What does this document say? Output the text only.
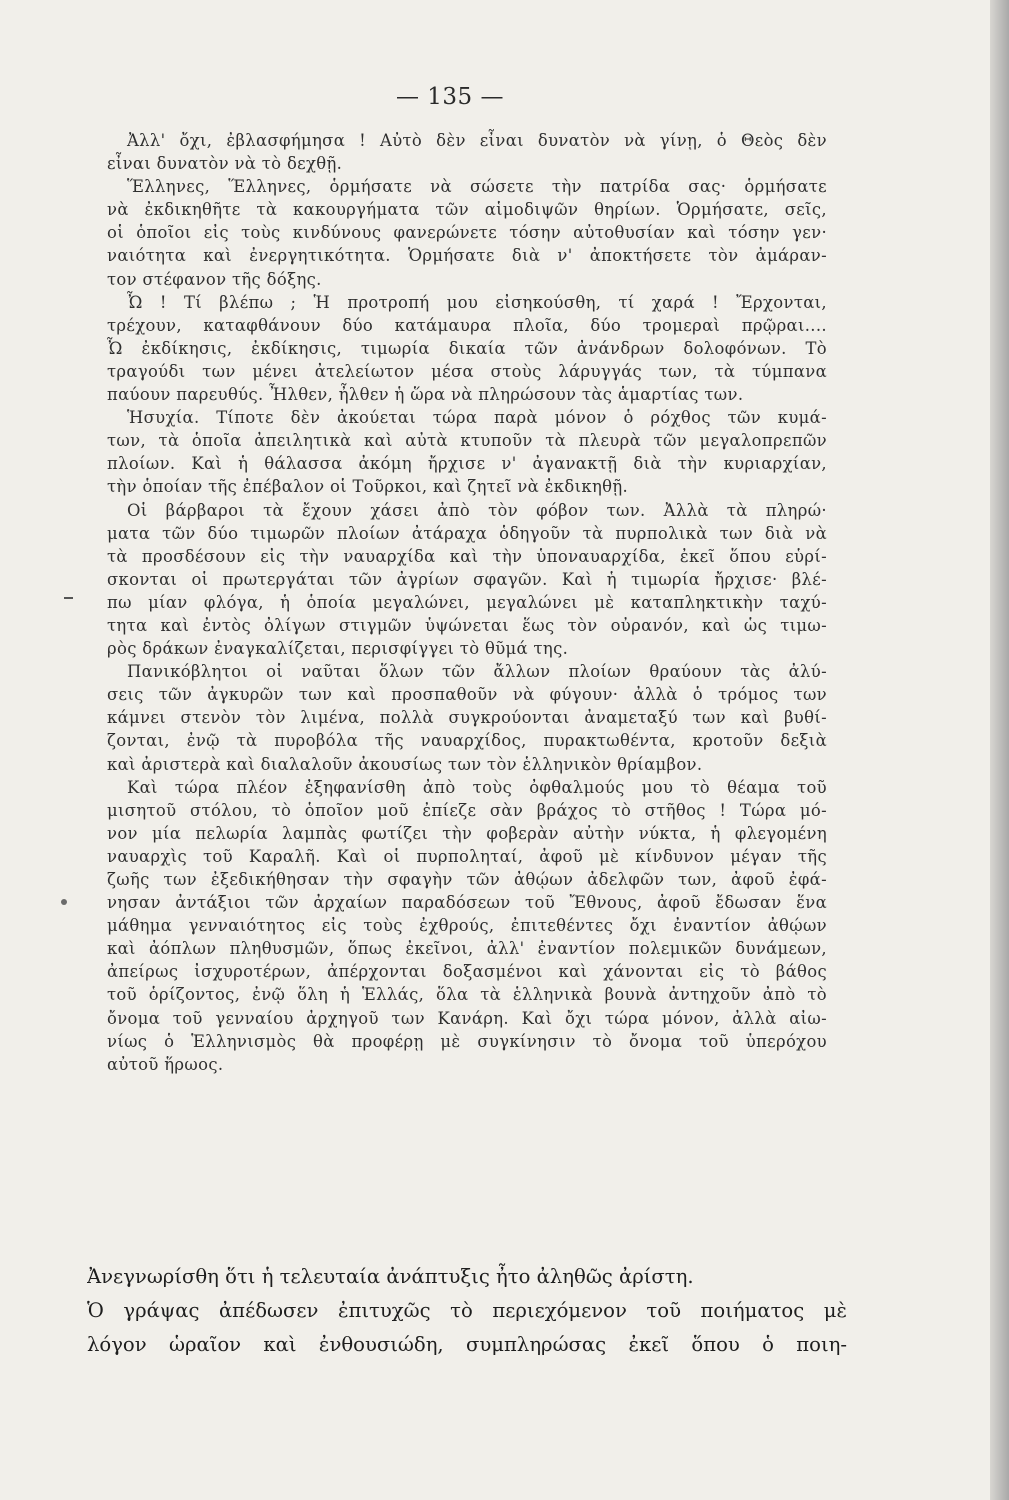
— 135 —
Ἀλλ' ὄχι, ἐβλασφήμησα ! Αὐτὸ δὲν εἶναι δυνατὸν νὰ γίνῃ, ὁ Θεὸς δὲν
εἶναι δυνατὸν νὰ τὸ δεχθῇ.
Ἕλληνες, Ἕλληνες, ὁρμήσατε νὰ σώσετε τὴν πατρίδα σας· ὁρμήσατε
νὰ ἐκδικηθῆτε τὰ κακουργήματα τῶν αἱμοδιψῶν θηρίων. Ὁρμήσατε, σεῖς,
οἱ ὁποῖοι εἰς τοὺς κινδύνους φανερώνετε τόσην αὐτοθυσίαν καὶ τόσην γεν·
ναιότητα καὶ ἐνεργητικότητα. Ὁρμήσατε διὰ ν' ἀποκτήσετε τὸν ἀμάραν-
τον στέφανον τῆς δόξης.
Ὦ ! Τί βλέπω ; Ἡ προτροπή μου εἰσηκούσθη, τί χαρά ! Ἔρχονται,
τρέχουν, καταφθάνουν δύο κατάμαυρα πλοῖα, δύο τρομεραὶ πρῷραι....
Ὦ ἐκδίκησις, ἐκδίκησις, τιμωρία δικαία τῶν ἀνάνδρων δολοφόνων. Τὸ
τραγούδι των μένει ἀτελείωτον μέσα στοὺς λάρυγγάς των, τὰ τύμπανα
παύουν παρευθύς. Ἦλθεν, ἦλθεν ἡ ὥρα νὰ πληρώσουν τὰς ἁμαρτίας των.
Ἡσυχία. Τίποτε δὲν ἀκούεται τώρα παρὰ μόνον ὁ ρόχθος τῶν κυμά-
των, τὰ ὁποῖα ἀπειλητικὰ καὶ αὐτὰ κτυποῦν τὰ πλευρὰ τῶν μεγαλοπρεπῶν
πλοίων. Καὶ ἡ θάλασσα ἀκόμη ἤρχισε ν' ἀγανακτῇ διὰ τὴν κυριαρχίαν,
τὴν ὁποίαν τῆς ἐπέβαλον οἱ Τοῦρκοι, καὶ ζητεῖ νὰ ἐκδικηθῇ.
Οἱ βάρβαροι τὰ ἔχουν χάσει ἀπὸ τὸν φόβον των. Ἀλλὰ τὰ πληρώ·
ματα τῶν δύο τιμωρῶν πλοίων ἀτάραχα ὁδηγοῦν τὰ πυρπολικὰ των διὰ νὰ
τὰ προσδέσουν εἰς τὴν ναυαρχίδα καὶ τὴν ὑποναυαρχίδα, ἐκεῖ ὅπου εὑρί-
σκονται οἱ πρωτεργάται τῶν ἀγρίων σφαγῶν. Καὶ ἡ τιμωρία ἤρχισε· βλέ-
πω μίαν φλόγα, ἡ ὁποία μεγαλώνει, μεγαλώνει μὲ καταπληκτικὴν ταχύ-
τητα καὶ ἐντὸς ὀλίγων στιγμῶν ὑψώνεται ἕως τὸν οὐρανόν, καὶ ὡς τιμω-
ρὸς δράκων ἐναγκαλίζεται, περισφίγγει τὸ θῦμά της.
Πανικόβλητοι οἱ ναῦται ὅλων τῶν ἄλλων πλοίων θραύουν τὰς ἀλύ-
σεις τῶν ἀγκυρῶν των καὶ προσπαθοῦν νὰ φύγουν· ἀλλὰ ὁ τρόμος των
κάμνει στενὸν τὸν λιμένα, πολλὰ συγκρούονται ἀναμεταξύ των καὶ βυθί-
ζονται, ἐνῷ τὰ πυροβόλα τῆς ναυαρχίδος, πυρακτωθέντα, κροτοῦν δεξιὰ
καὶ ἀριστερὰ καὶ διαλαλοῦν ἀκουσίως των τὸν ἑλληνικὸν θρίαμβον.
Καὶ τώρα πλέον ἐξηφανίσθη ἀπὸ τοὺς ὀφθαλμούς μου τὸ θέαμα τοῦ
μισητοῦ στόλου, τὸ ὁποῖον μοῦ ἐπίεζε σὰν βράχος τὸ στῆθος ! Τώρα μό-
νον μία πελωρία λαμπὰς φωτίζει τὴν φοβερὰν αὐτὴν νύκτα, ἡ φλεγομένη
ναυαρχὶς τοῦ Καραλῆ. Καὶ οἱ πυρποληταί, ἀφοῦ μὲ κίνδυνον μέγαν τῆς
ζωῆς των ἐξεδικήθησαν τὴν σφαγὴν τῶν ἀθῴων ἀδελφῶν των, ἀφοῦ ἐφά-
νησαν ἀντάξιοι τῶν ἀρχαίων παραδόσεων τοῦ Ἔθνους, ἀφοῦ ἔδωσαν ἕνα
μάθημα γενναιότητος εἰς τοὺς ἐχθρούς, ἐπιτεθέντες ὄχι ἐναντίον ἀθῴων
καὶ ἀόπλων πληθυσμῶν, ὅπως ἐκεῖνοι, ἀλλ' ἐναντίον πολεμικῶν δυνάμεων,
ἀπείρως ἰσχυροτέρων, ἀπέρχονται δοξασμένοι καὶ χάνονται εἰς τὸ βάθος
τοῦ ὁρίζοντος, ἐνῷ ὅλη ἡ Ἑλλάς, ὅλα τὰ ἑλληνικὰ βουνὰ ἀντηχοῦν ἀπὸ τὸ
ὄνομα τοῦ γενναίου ἀρχηγοῦ των Κανάρη. Καὶ ὄχι τώρα μόνον, ἀλλὰ αἰω-
νίως ὁ Ἑλληνισμὸς θὰ προφέρῃ μὲ συγκίνησιν τὸ ὄνομα τοῦ ὑπερόχου
αὐτοῦ ἥρωος.
Ἀνεγνωρίσθη ὅτι ἡ τελευταία ἀνάπτυξις ἦτο ἀληθῶς ἀρίστη.
Ὁ γράψας ἀπέδωσεν ἐπιτυχῶς τὸ περιεχόμενον τοῦ ποιήματος μὲ
λόγον ὡραῖον καὶ ἐνθουσιώδη, συμπληρώσας ἐκεῖ ὅπου ὁ ποιη-
